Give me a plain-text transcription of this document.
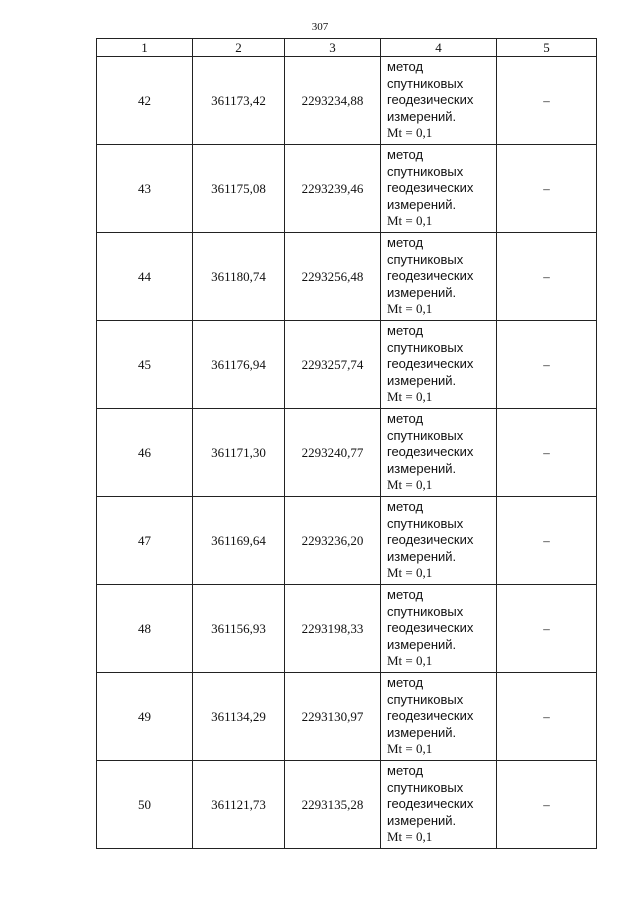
307
1	2	3	4	5
42	361173,42	2293234,88	метод
спутниковых
геодезических
измерений.
Mt = 0,1	–
43	361175,08	2293239,46	метод
спутниковых
геодезических
измерений.
Mt = 0,1	–
44	361180,74	2293256,48	метод
спутниковых
геодезических
измерений.
Mt = 0,1	–
45	361176,94	2293257,74	метод
спутниковых
геодезических
измерений.
Mt = 0,1	–
46	361171,30	2293240,77	метод
спутниковых
геодезических
измерений.
Mt = 0,1	–
47	361169,64	2293236,20	метод
спутниковых
геодезических
измерений.
Mt = 0,1	–
48	361156,93	2293198,33	метод
спутниковых
геодезических
измерений.
Mt = 0,1	–
49	361134,29	2293130,97	метод
спутниковых
геодезических
измерений.
Mt = 0,1	–
50	361121,73	2293135,28	метод
спутниковых
геодезических
измерений.
Mt = 0,1	–
